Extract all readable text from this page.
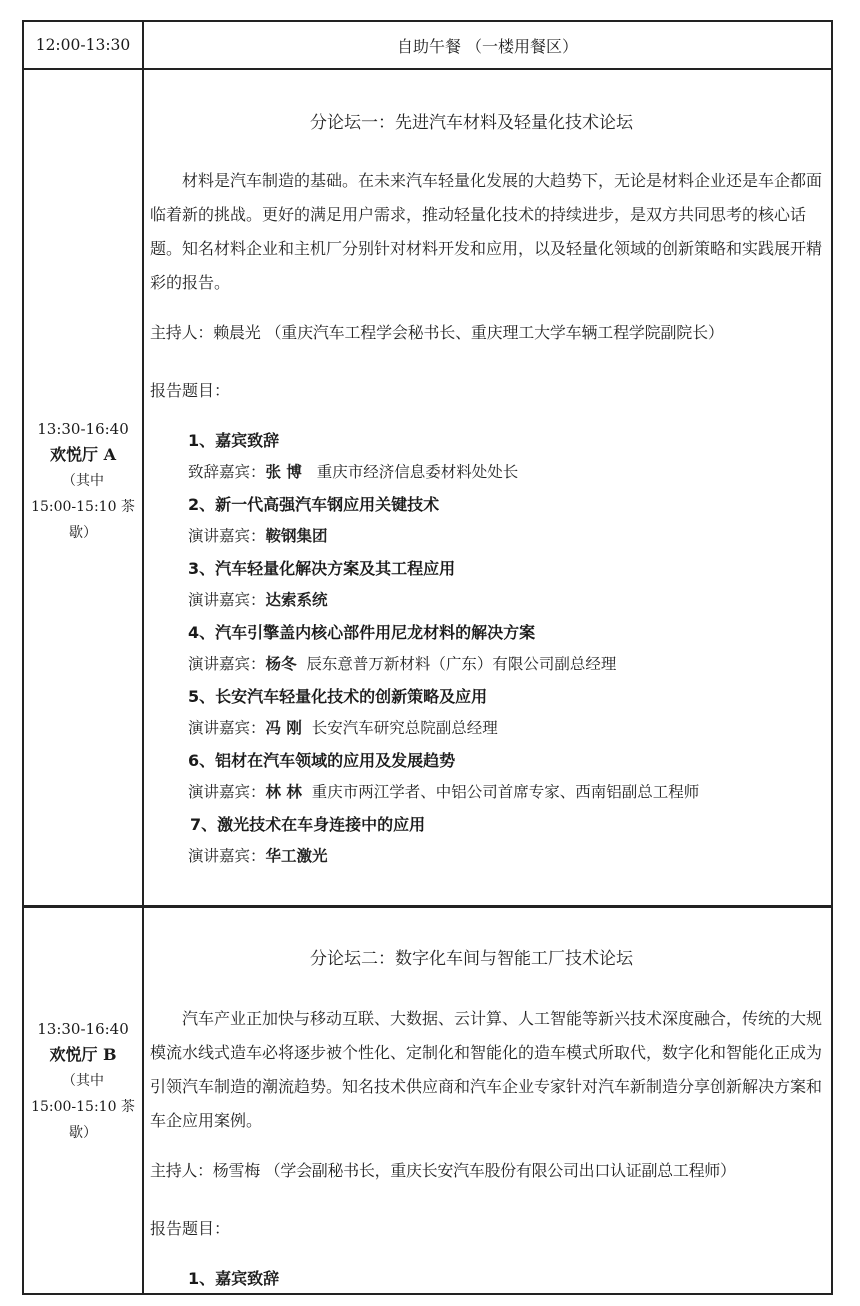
12:00-13:30	自助午餐 （一楼用餐区）
13:30-16:40
欢悦厅 A
（其中
15:00-15:10 茶
歇）
分论坛一：先进汽车材料及轻量化技术论坛
材料是汽车制造的基础。在未来汽车轻量化发展的大趋势下，无论是材料企业还是车企都面临着新的挑战。更好的满足用户需求，推动轻量化技术的持续进步，是双方共同思考的核心话题。知名材料企业和主机厂分别针对材料开发和应用，以及轻量化领域的创新策略和实践展开精彩的报告。
主持人：赖晨光 （重庆汽车工程学会秘书长、重庆理工大学车辆工程学院副院长）
报告题目：
1、嘉宾致辞
致辞嘉宾：张 博 重庆市经济信息委材料处处长
2、新一代高强汽车钢应用关键技术
演讲嘉宾：鞍钢集团
3、汽车轻量化解决方案及其工程应用
演讲嘉宾：达索系统
4、汽车引擎盖内核心部件用尼龙材料的解决方案
演讲嘉宾：杨冬 辰东意普万新材料（广东）有限公司副总经理
5、长安汽车轻量化技术的创新策略及应用
演讲嘉宾：冯 刚 长安汽车研究总院副总经理
6、铝材在汽车领域的应用及发展趋势
演讲嘉宾：林 林 重庆市两江学者、中铝公司首席专家、西南铝副总工程师
7、激光技术在车身连接中的应用
演讲嘉宾：华工激光
13:30-16:40
欢悦厅 B
（其中
15:00-15:10 茶
歇）
分论坛二：数字化车间与智能工厂技术论坛
汽车产业正加快与移动互联、大数据、云计算、人工智能等新兴技术深度融合，传统的大规模流水线式造车必将逐步被个性化、定制化和智能化的造车模式所取代，数字化和智能化正成为引领汽车制造的潮流趋势。知名技术供应商和汽车企业专家针对汽车新制造分享创新解决方案和车企应用案例。
主持人：杨雪梅 （学会副秘书长，重庆长安汽车股份有限公司出口认证副总工程师）
报告题目：
1、嘉宾致辞
